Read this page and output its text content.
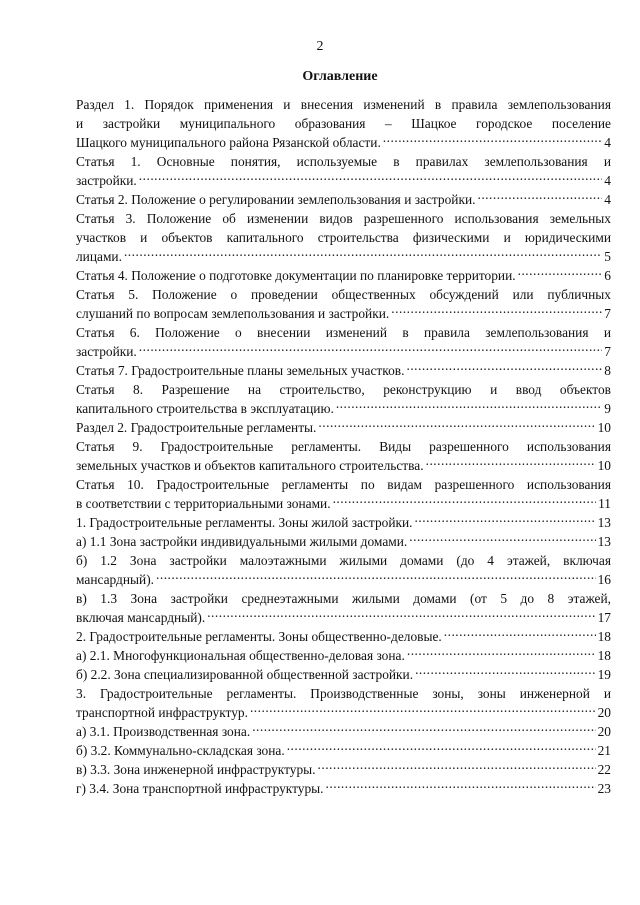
2
Оглавление
Раздел 1. Порядок применения и внесения изменений в правила землепользования
и застройки муниципального образования – Шацкое городское поселение
Шацкого муниципального района Рязанской области. .....	4
Статья 1. Основные понятия, используемые в правилах землепользования и
застройки. .....	4
Статья 2. Положение о регулировании землепользования и застройки. .....	4
Статья 3. Положение об изменении видов разрешенного использования земельных
участков и объектов капитального строительства физическими и юридическими
лицами. .....	5
Статья 4. Положение о подготовке документации по планировке территории. .....	6
Статья 5. Положение о проведении общественных обсуждений или публичных
слушаний по вопросам землепользования и застройки. .....	7
Статья 6. Положение о внесении изменений в правила землепользования и
застройки. .....	7
Статья 7. Градостроительные планы земельных участков. .....	8
Статья 8. Разрешение на строительство, реконструкцию и ввод объектов
капитального строительства в эксплуатацию. .....	9
Раздел 2. Градостроительные регламенты. .....	10
Статья 9. Градостроительные регламенты. Виды разрешенного использования
земельных участков и объектов капитального строительства. .....	10
Статья 10. Градостроительные регламенты по видам разрешенного использования
в соответствии с территориальными зонами. .....	11
1. Градостроительные регламенты. Зоны жилой застройки. .....	13
а) 1.1 Зона застройки индивидуальными жилыми домами. .....	13
б) 1.2 Зона застройки малоэтажными жилыми домами (до 4 этажей, включая
мансардный). .....	16
в) 1.3 Зона застройки среднеэтажными жилыми домами (от 5 до 8 этажей,
включая мансардный). .....	17
2. Градостроительные регламенты. Зоны общественно-деловые. .....	18
а) 2.1. Многофункциональная общественно-деловая зона. .....	18
б) 2.2. Зона специализированной общественной застройки. .....	19
3. Градостроительные регламенты. Производственные зоны, зоны инженерной и
транспортной инфраструктур. .....	20
а) 3.1. Производственная зона. .....	20
б) 3.2. Коммунально-складская зона. .....	21
в) 3.3. Зона инженерной инфраструктуры. .....	22
г) 3.4. Зона транспортной инфраструктуры. .....	23
